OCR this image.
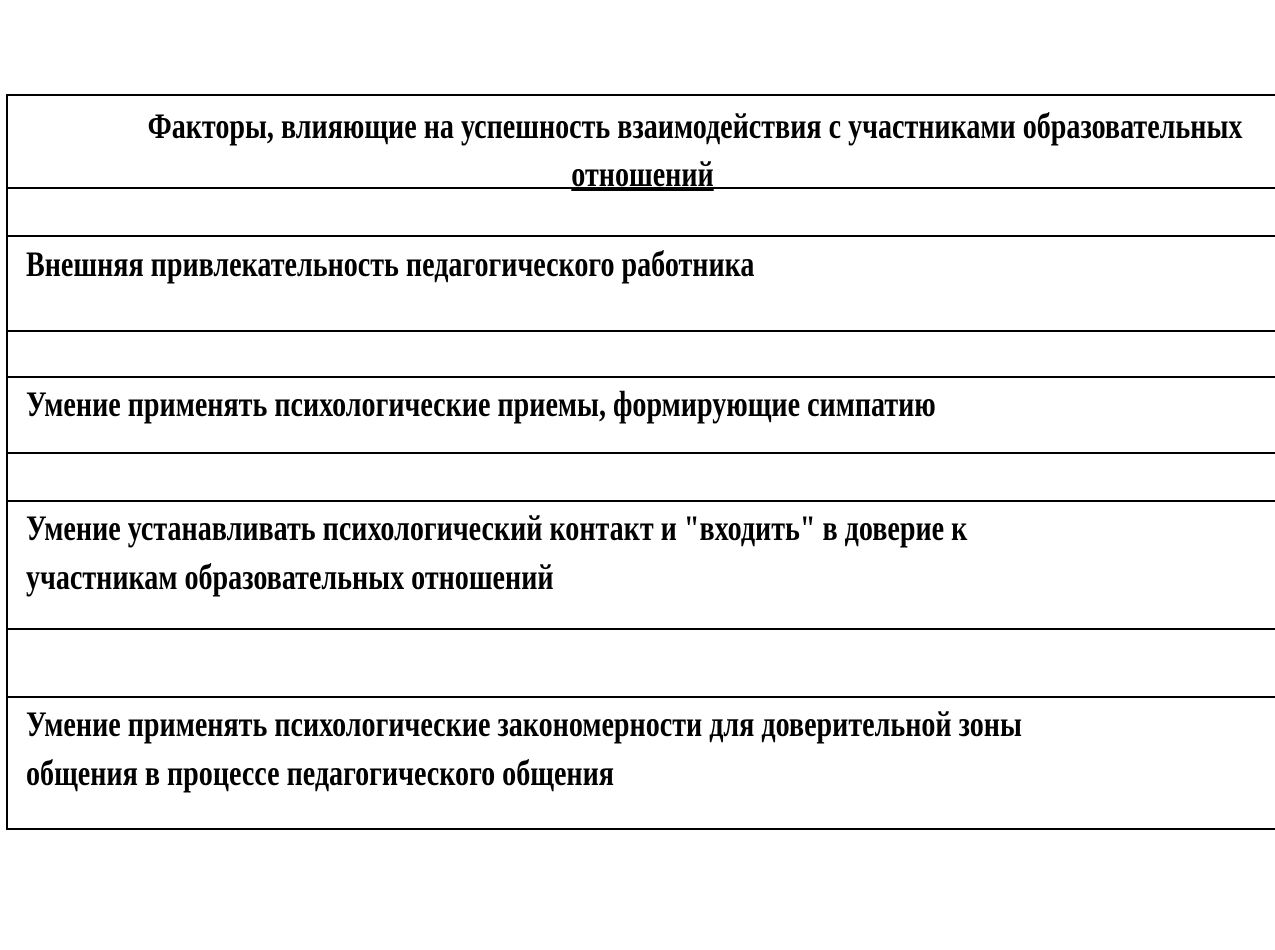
Факторы, влияющие на успешность взаимодействия с участниками образовательных
отношений
Внешняя привлекательность педагогического работника
Умение применять психологические приемы, формирующие симпатию
Умение устанавливать психологический контакт и "входить" в доверие к
участникам образовательных отношений
Умение применять психологические закономерности для доверительной зоны
общения в процессе педагогического общения
